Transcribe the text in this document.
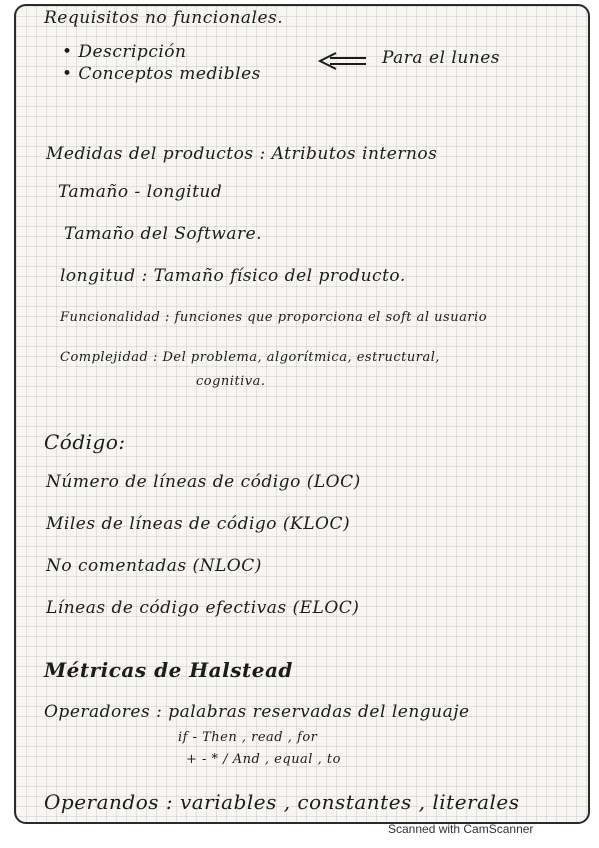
Requisitos no funcionales.
• Descripción
• Conceptos medibles
Para el lunes
Medidas del productos : Atributos internos
Tamaño - longitud
Tamaño del Software.
longitud : Tamaño físico del producto.
Funcionalidad : funciones que proporciona el soft al usuario
Complejidad : Del problema, algorítmica, estructural,
cognitiva.
Código:
Número de líneas de código (LOC)
Miles de líneas de código (KLOC)
No comentadas (NLOC)
Líneas de código efectivas (ELOC)
Métricas de Halstead
Operadores : palabras reservadas del lenguaje
if - Then , read , for
+ - * / And , equal , to
Operandos : variables , constantes , literales
Scanned with CamScanner
